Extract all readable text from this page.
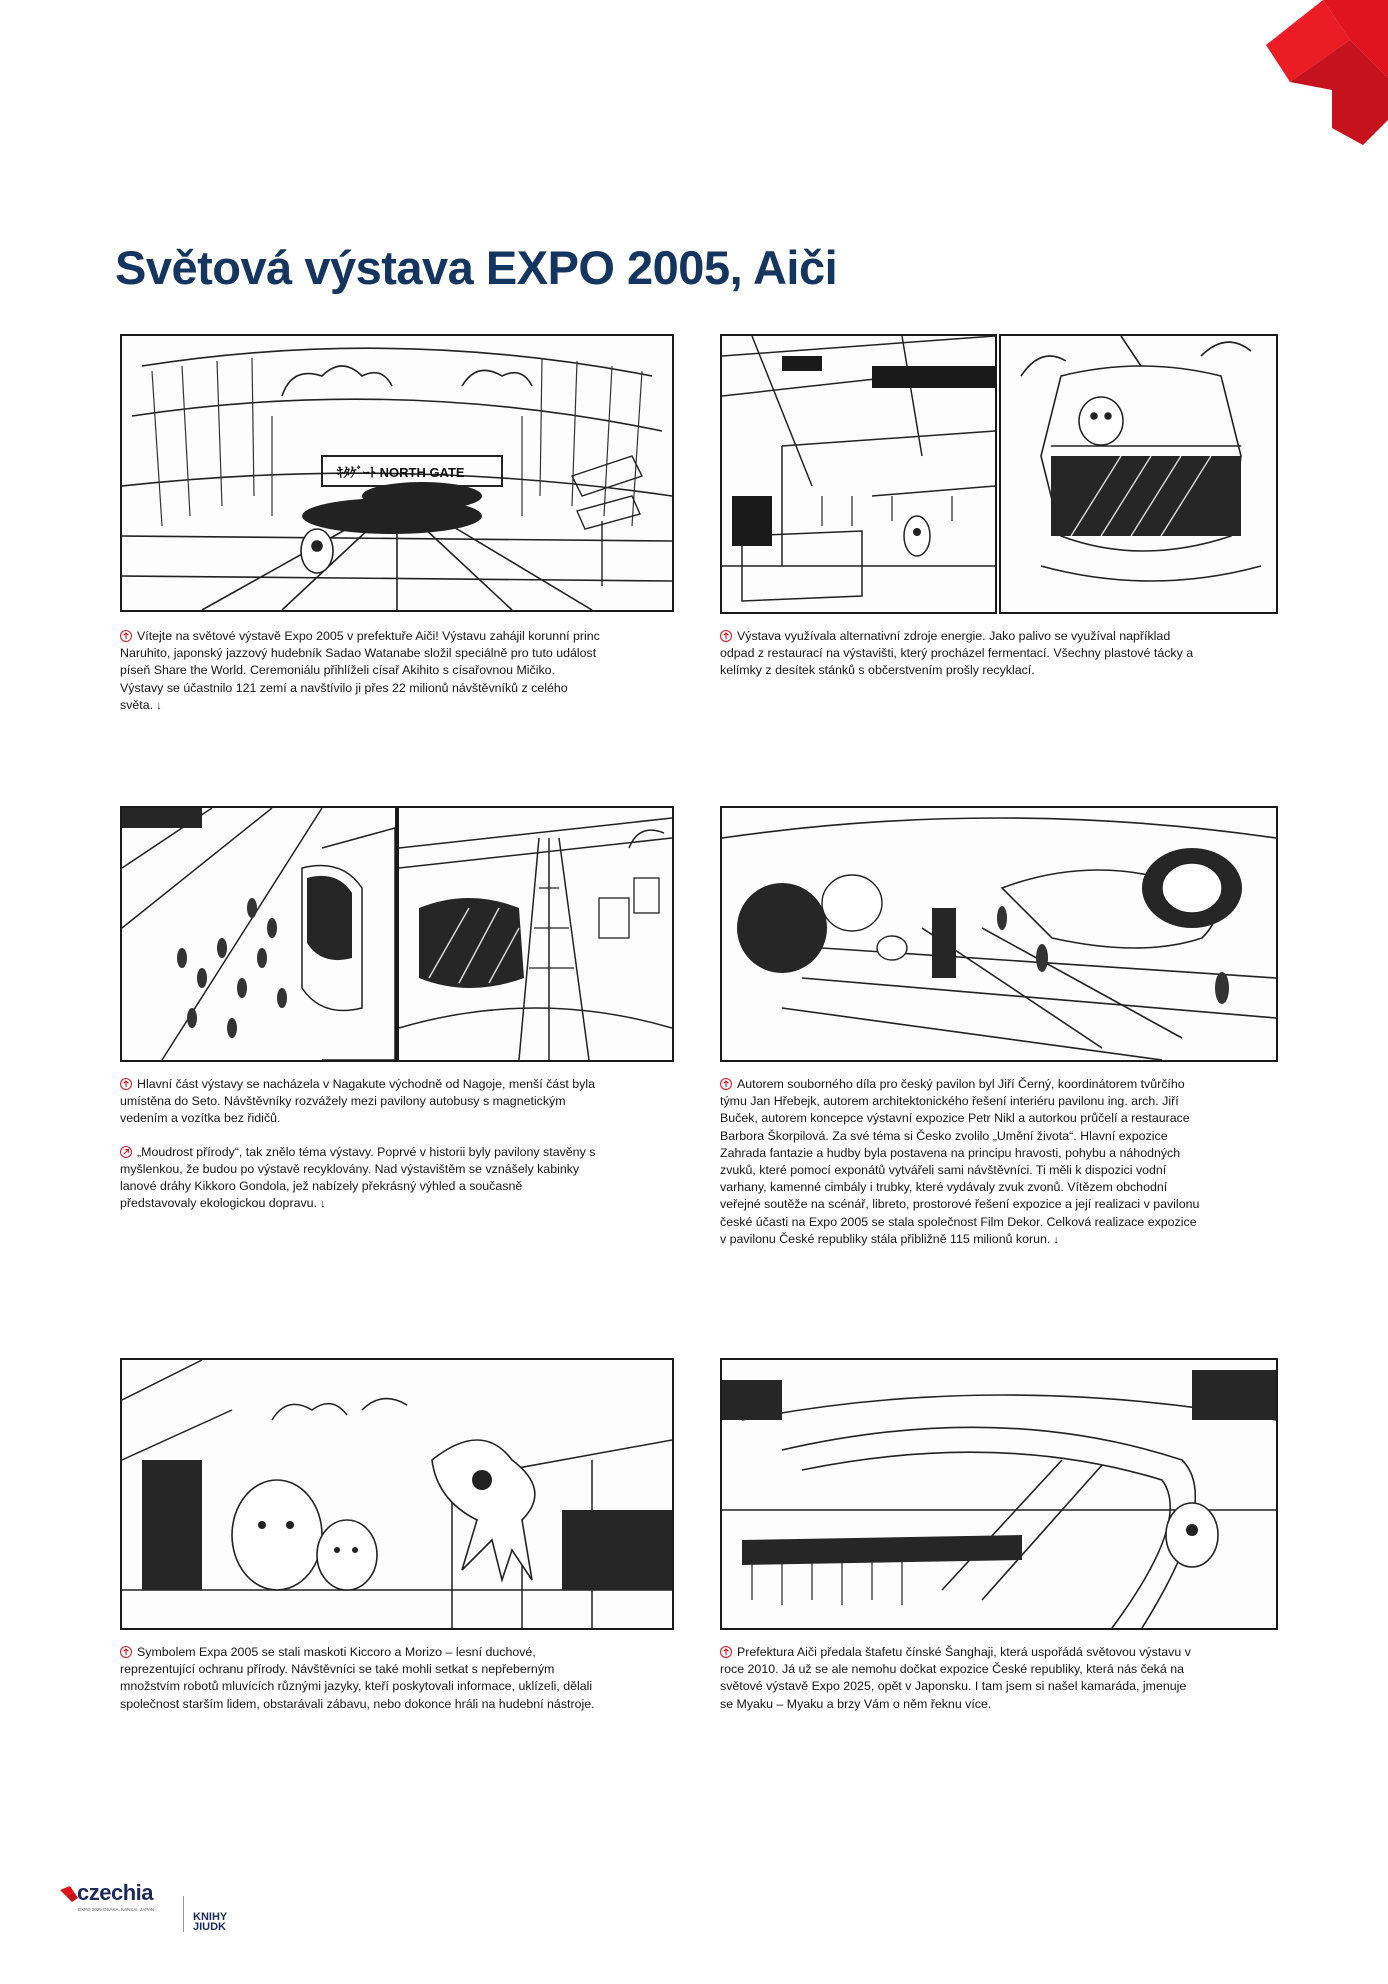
Světová výstava EXPO 2005, Aiči
ｷﾀｹﾞｰﾄ NORTH GATE

Vítejte na světové výstavě Expo 2005 v prefektuře Aiči! Výstavu zahájil korunní princ Naruhito, japonský jazzový hudebník Sadao Watanabe složil speciálně pro tuto událost píseň Share the World. Ceremoniálu přihlíželi císař Akihito s císařovnou Mičiko. Výstavy se účastnilo 121 zemí a navštívilo ji přes 22 milionů návštěvníků z celého světa. ↓

Výstava využívala alternativní zdroje energie. Jako palivo se využíval například odpad z restaurací na výstavišti, který procházel fermentací. Všechny plastové tácky a kelímky z desítek stánků s občerstvením prošly recyklací.

Hlavní část výstavy se nacházela v Nagakute východně od Nagoje, menší část byla umístěna do Seto. Návštěvníky rozvážely mezi pavilony autobusy s magnetickým vedením a vozítka bez řidičů.

„Moudrost přírody“, tak znělo téma výstavy. Poprvé v historii byly pavilony stavěny s myšlenkou, že budou po výstavě recyklovány. Nad výstavištěm se vznášely kabinky lanové dráhy Kikkoro Gondola, jež nabízely překrásný výhled a současně představovaly ekologickou dopravu. ↓

Autorem souborného díla pro český pavilon byl Jiří Černý, koordinátorem tvůrčího týmu Jan Hřebejk, autorem architektonického řešení interiéru pavilonu ing. arch. Jiří Buček, autorem koncepce výstavní expozice Petr Nikl a autorkou průčelí a restaurace Barbora Škorpilová. Za své téma si Česko zvolilo „Umění života“. Hlavní expozice Zahrada fantazie a hudby byla postavena na principu hravosti, pohybu a náhodných zvuků, které pomocí exponátů vytvářeli sami návštěvníci. Ti měli k dispozici vodní varhany, kamenné cimbály i trubky, které vydávaly zvuk zvonů. Vítězem obchodní veřejné soutěže na scénář, libreto, prostorové řešení expozice a její realizaci v pavilonu české účasti na Expo 2005 se stala společnost Film Dekor. Celková realizace expozice v pavilonu České republiky stála přibližně 115 milionů korun. ↓

Symbolem Expa 2005 se stali maskoti Kiccoro a Morizo – lesní duchové, reprezentující ochranu přírody. Návštěvníci se také mohli setkat s nepřeberným množstvím robotů mluvících různými jazyky, kteří poskytovali informace, uklízeli, dělali společnost starším lidem, obstarávali zábavu, nebo dokonce hráli na hudební nástroje.

Prefektura Aiči předala štafetu čínské Šanghaji, která uspořádá světovou výstavu v roce 2010. Já už se ale nemohu dočkat expozice České republiky, která nás čeká na světové výstavě Expo 2025, opět v Japonsku. I tam jsem si našel kamaráda, jmenuje se Myaku – Myaku a brzy Vám o něm řeknu více.

czechia
EXPO 2025 OSAKA, KANSAI, JAPAN
KNIHY
JIUDK
